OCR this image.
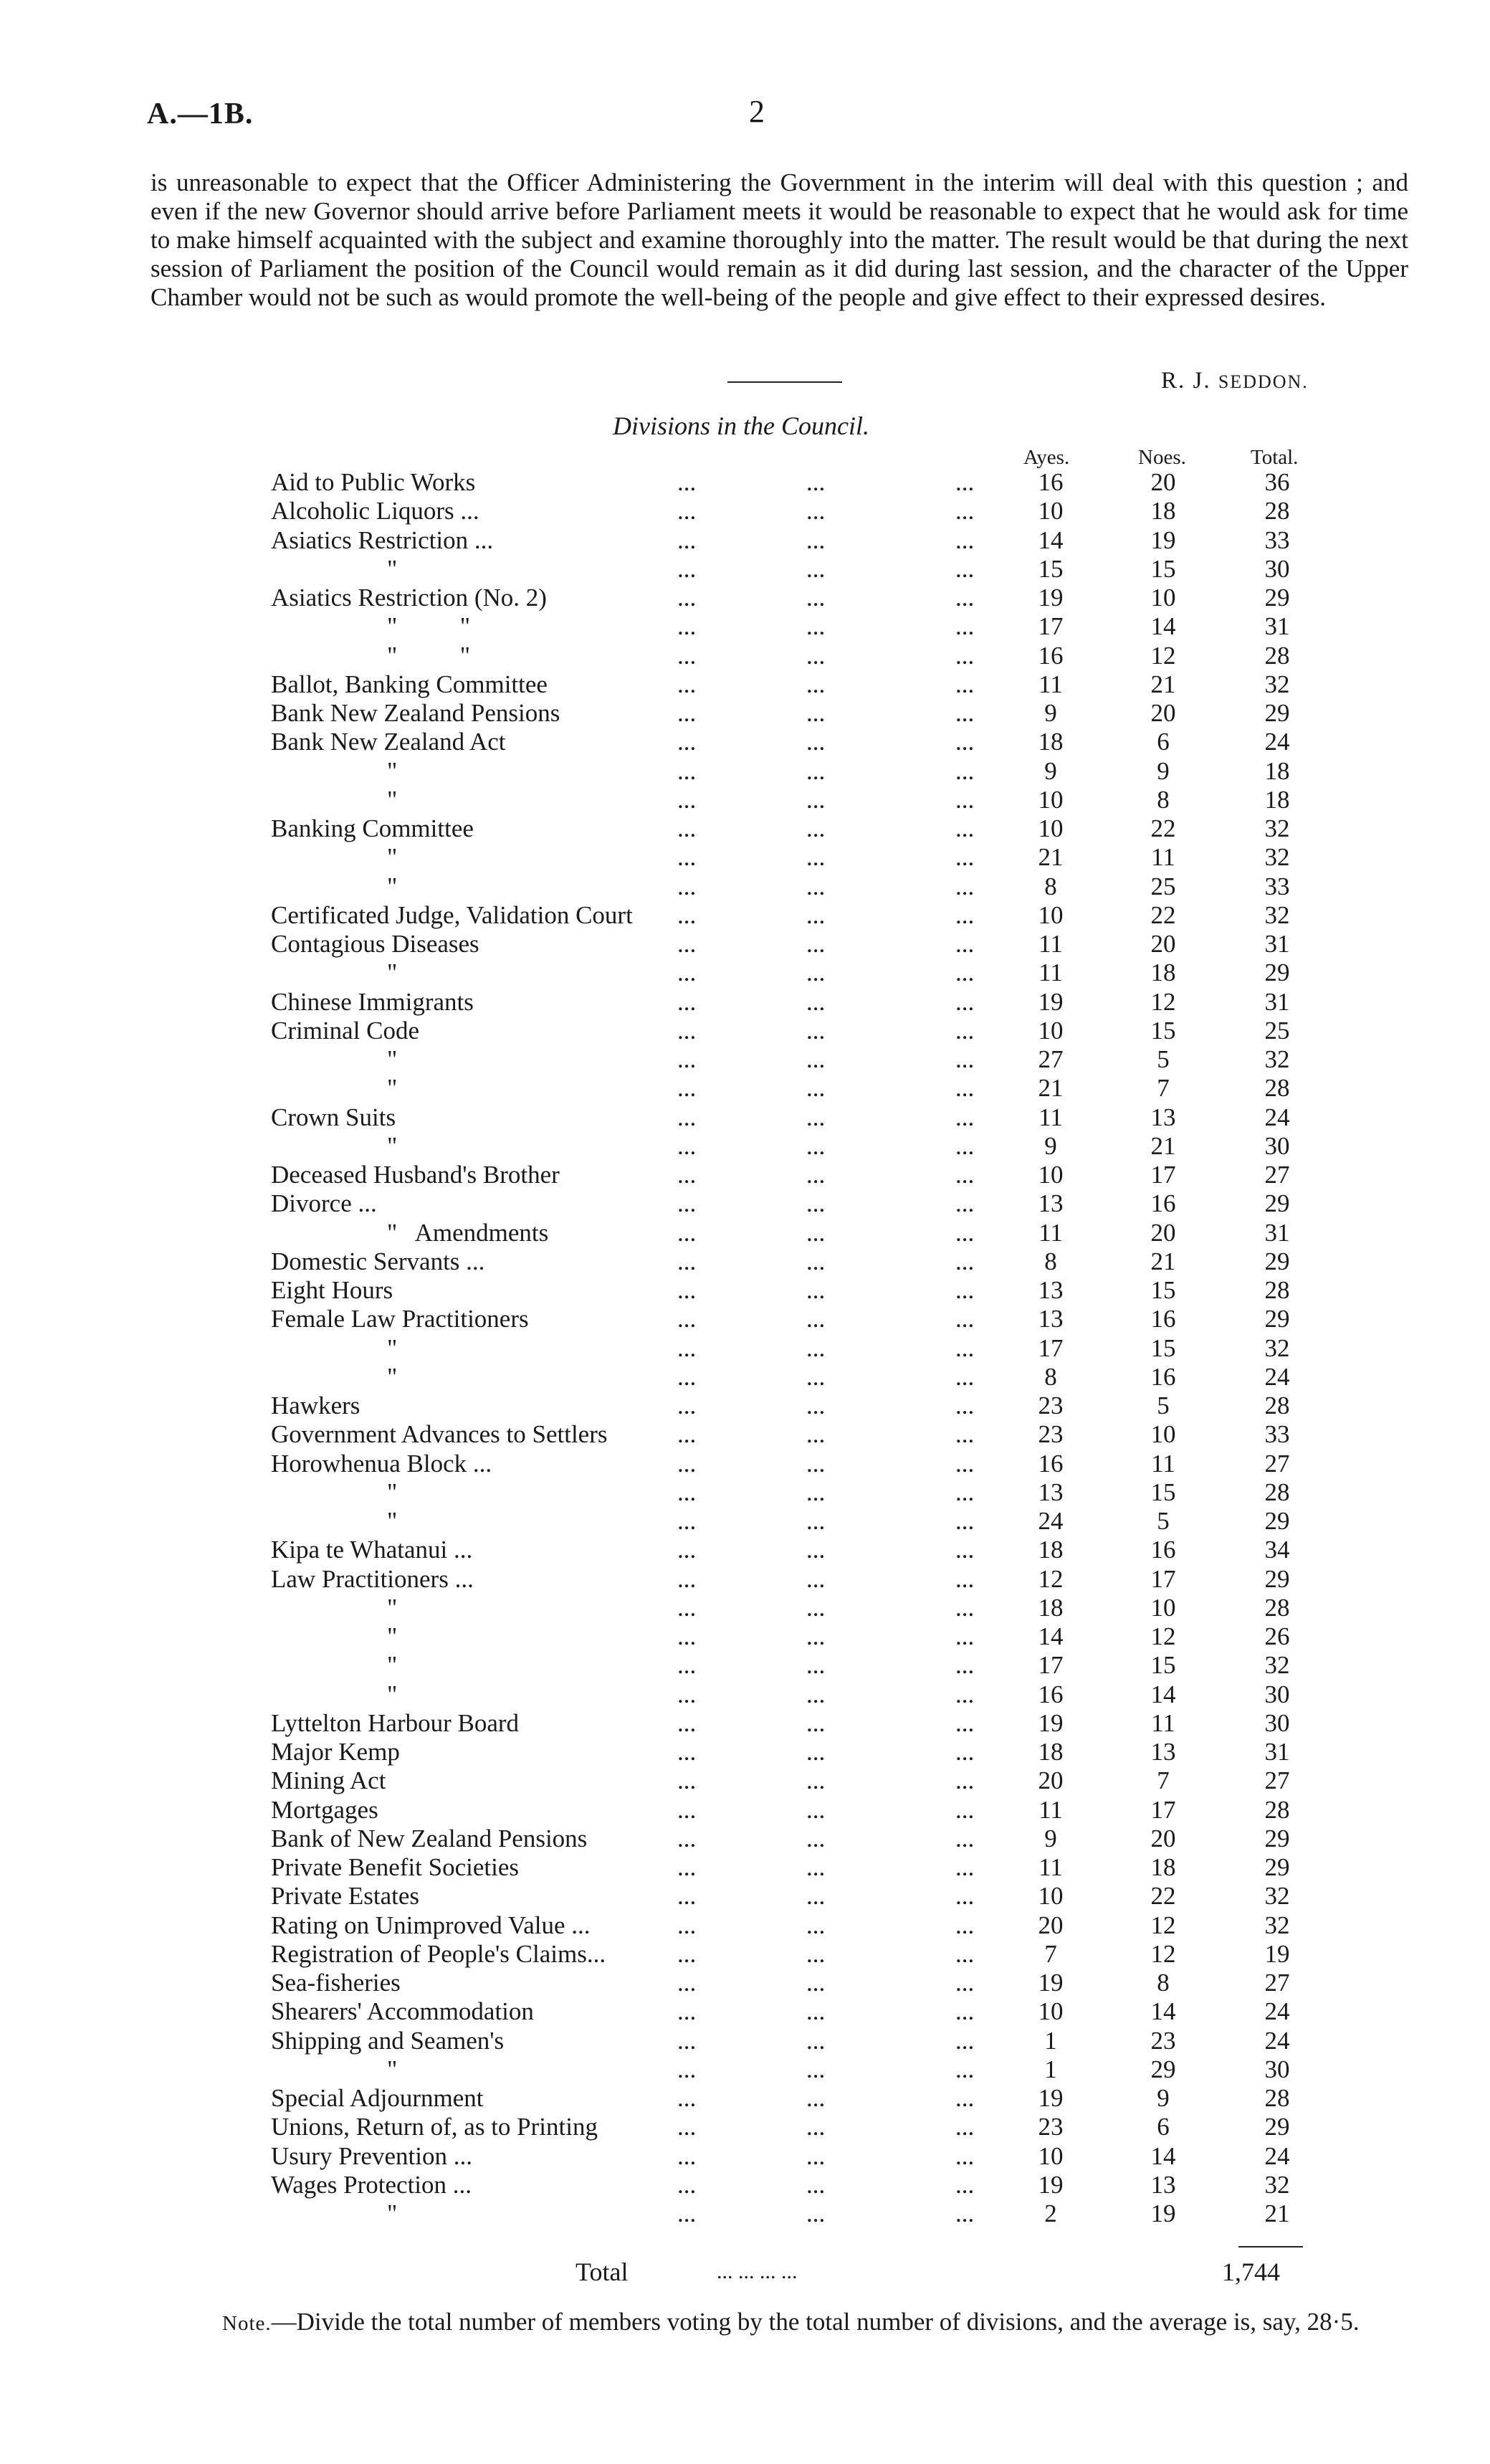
A.—1B.	2

is unreasonable to expect that the Officer Administering the Government in the interim will deal with this question ; and even if the new Governor should arrive before Parliament meets it would be reasonable to expect that he would ask for time to make himself acquainted with the subject and examine thoroughly into the matter. The result would be that during the next session of Parliament the position of the Council would remain as it did during last session, and the character of the Upper Chamber would not be such as would promote the well-being of the people and give effect to their expressed desires.

R. J. SEDDON.
Divisions in the Council.
Ayes.	Noes.	Total.
Aid to Public Works	...	...	...	16	20	36
Alcoholic Liquors ...	...	...	...	10	18	28
Asiatics Restriction ...	...	...	...	14	19	33
"	...	...	...	15	15	30
Asiatics Restriction (No. 2)	...	...	...	19	10	29
"          "	...	...	...	17	14	31
"          "	...	...	...	16	12	28
Ballot, Banking Committee	...	...	...	11	21	32
Bank New Zealand Pensions	...	...	...	9	20	29
Bank New Zealand Act	...	...	...	18	6	24
"	...	...	...	9	9	18
"	...	...	...	10	8	18
Banking Committee	...	...	...	10	22	32
"	...	...	...	21	11	32
"	...	...	...	8	25	33
Certificated Judge, Validation Court ...	...	...	10	22	32
Contagious Diseases	...	...	...	11	20	31
"	...	...	...	11	18	29
Chinese Immigrants	...	...	...	19	12	31
Criminal Code	...	...	...	10	15	25
"	...	...	...	27	5	32
"	...	...	...	21	7	28
Crown Suits	...	...	...	11	13	24
"	...	...	...	9	21	30
Deceased Husband's Brother	...	...	...	10	17	27
Divorce ...	...	...	...	13	16	29
"   Amendments	...	...	...	11	20	31
Domestic Servants ...	...	...	...	8	21	29
Eight Hours	...	...	...	13	15	28
Female Law Practitioners	...	...	...	13	16	29
"	...	...	...	17	15	32
"	...	...	...	8	16	24
Hawkers	...	...	...	23	5	28
Government Advances to Settlers	...	...	...	23	10	33
Horowhenua Block ...	...	...	...	16	11	27
"	...	...	...	13	15	28
"	...	...	...	24	5	29
Kipa te Whatanui ...	...	...	...	18	16	34
Law Practitioners ...	...	...	...	12	17	29
"	...	...	...	18	10	28
"	...	...	...	14	12	26
"	...	...	...	17	15	32
"	...	...	...	16	14	30
Lyttelton Harbour Board	...	...	...	19	11	30
Major Kemp	...	...	...	18	13	31
Mining Act	...	...	...	20	7	27
Mortgages	...	...	...	11	17	28
Bank of New Zealand Pensions	...	...	...	9	20	29
Private Benefit Societies	...	...	...	11	18	29
Private Estates	...	...	...	10	22	32
Rating on Unimproved Value ...	...	...	...	20	12	32
Registration of People's Claims...	...	...	...	7	12	19
Sea-fisheries	...	...	...	19	8	27
Shearers' Accommodation	...	...	...	10	14	24
Shipping and Seamen's	...	...	...	1	23	24
"	...	...	...	1	29	30
Special Adjournment	...	...	...	19	9	28
Unions, Return of, as to Printing	...	...	...	23	6	29
Usury Prevention ...	...	...	...	10	14	24
Wages Protection ...	...	...	...	19	13	32
"	...	...	...	2	19	21
Total	... ... ... ...	1,744

Note.—Divide the total number of members voting by the total number of divisions, and the average is, say, 28·5.
